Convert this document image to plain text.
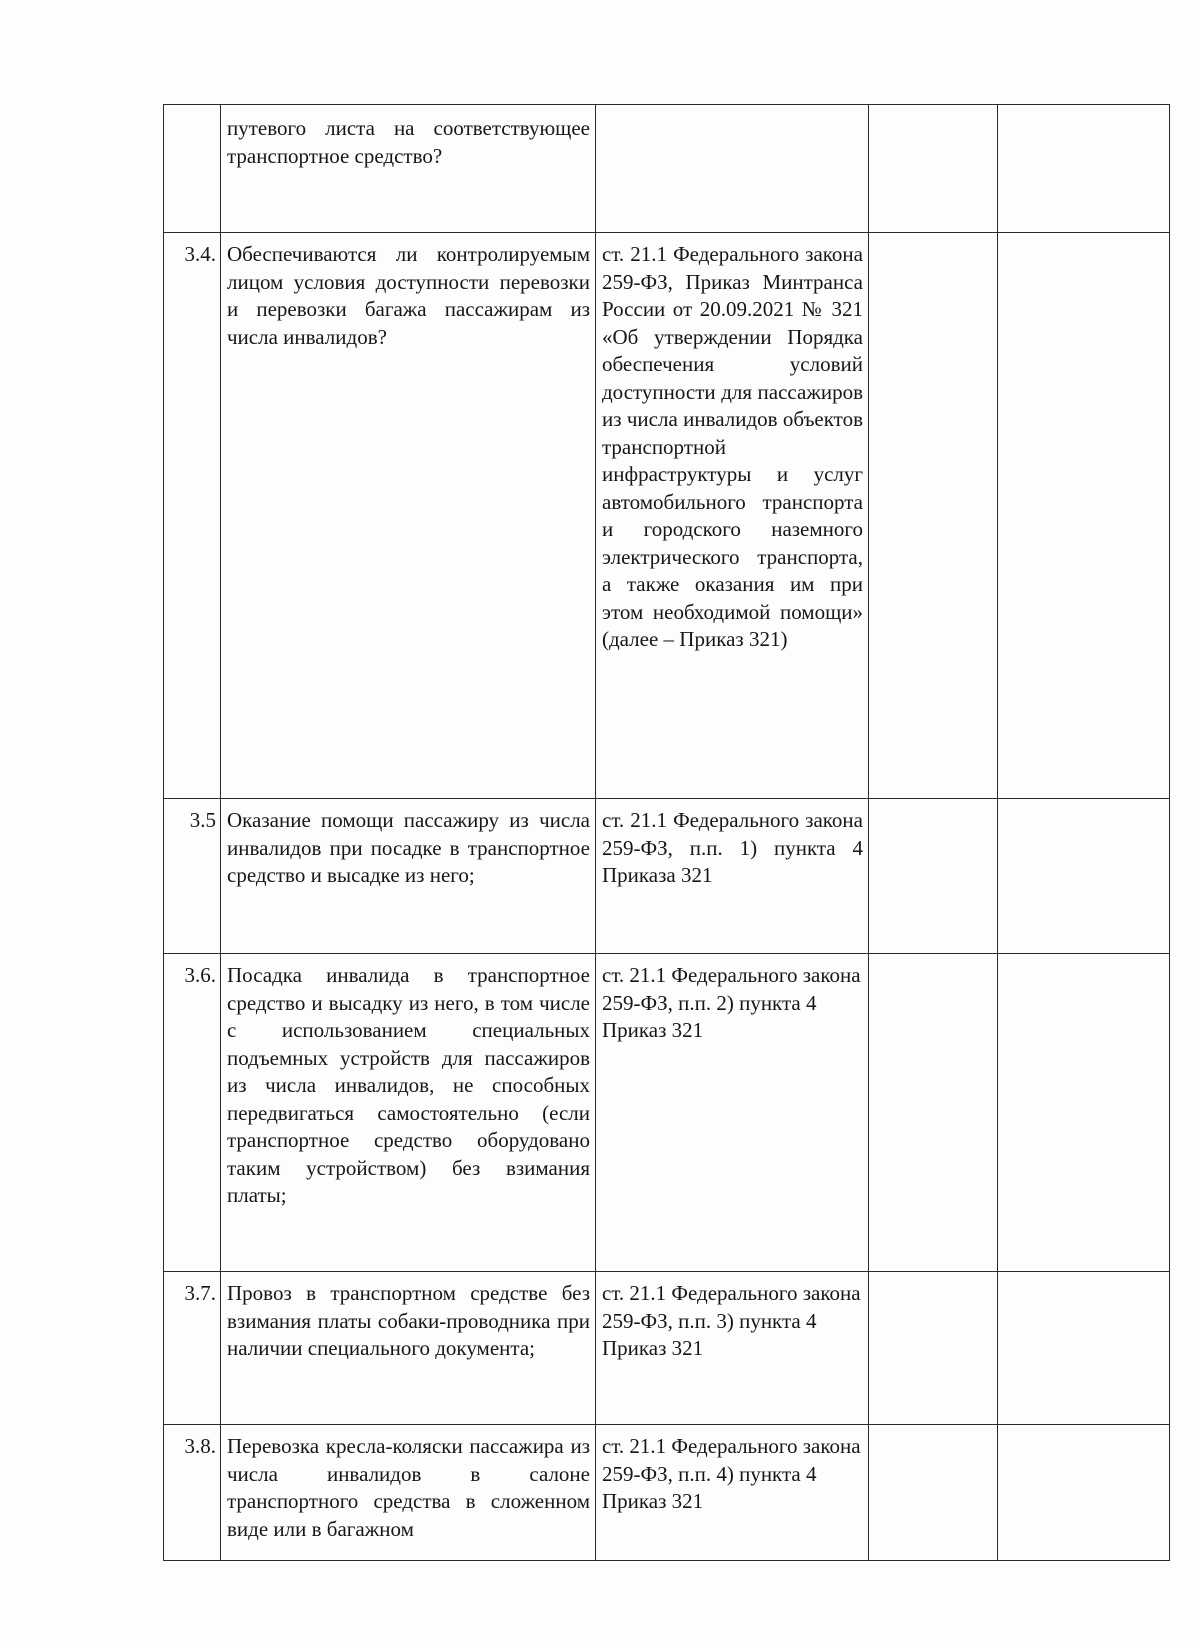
	путевого листа на соответствующее транспортное средство?			
3.4.	Обеспечиваются ли контролируемым лицом условия доступности перевозки и перевозки багажа пассажирам из числа инвалидов?	ст. 21.1 Федерального закона 259-ФЗ, Приказ Минтранса России от 20.09.2021 № 321 «Об утверждении Порядка обеспечения условий доступности для пассажиров из числа инвалидов объектов транспортной инфраструктуры и услуг автомобильного транспорта и городского наземного электрического транспорта, а также оказания им при этом необходимой помощи» (далее – Приказ 321)		
3.5	Оказание помощи пассажиру из числа инвалидов при посадке в транспортное средство и высадке из него;	ст. 21.1 Федерального закона 259-ФЗ, п.п. 1) пункта 4 Приказа 321		
3.6.	Посадка инвалида в транспортное средство и высадку из него, в том числе с использованием специальных подъемных устройств для пассажиров из числа инвалидов, не способных передвигаться самостоятельно (если транспортное средство оборудовано таким устройством) без взимания платы;	ст. 21.1 Федерального закона 259-ФЗ, п.п. 2) пункта 4 Приказ 321		
3.7.	Провоз в транспортном средстве без взимания платы собаки-проводника при наличии специального документа;	ст. 21.1 Федерального закона 259-ФЗ, п.п. 3) пункта 4 Приказ 321		
3.8.	Перевозка кресла-коляски пассажира из числа инвалидов в салоне транспортного средства в сложенном виде или в багажном	ст. 21.1 Федерального закона 259-ФЗ, п.п. 4) пункта 4 Приказ 321		
